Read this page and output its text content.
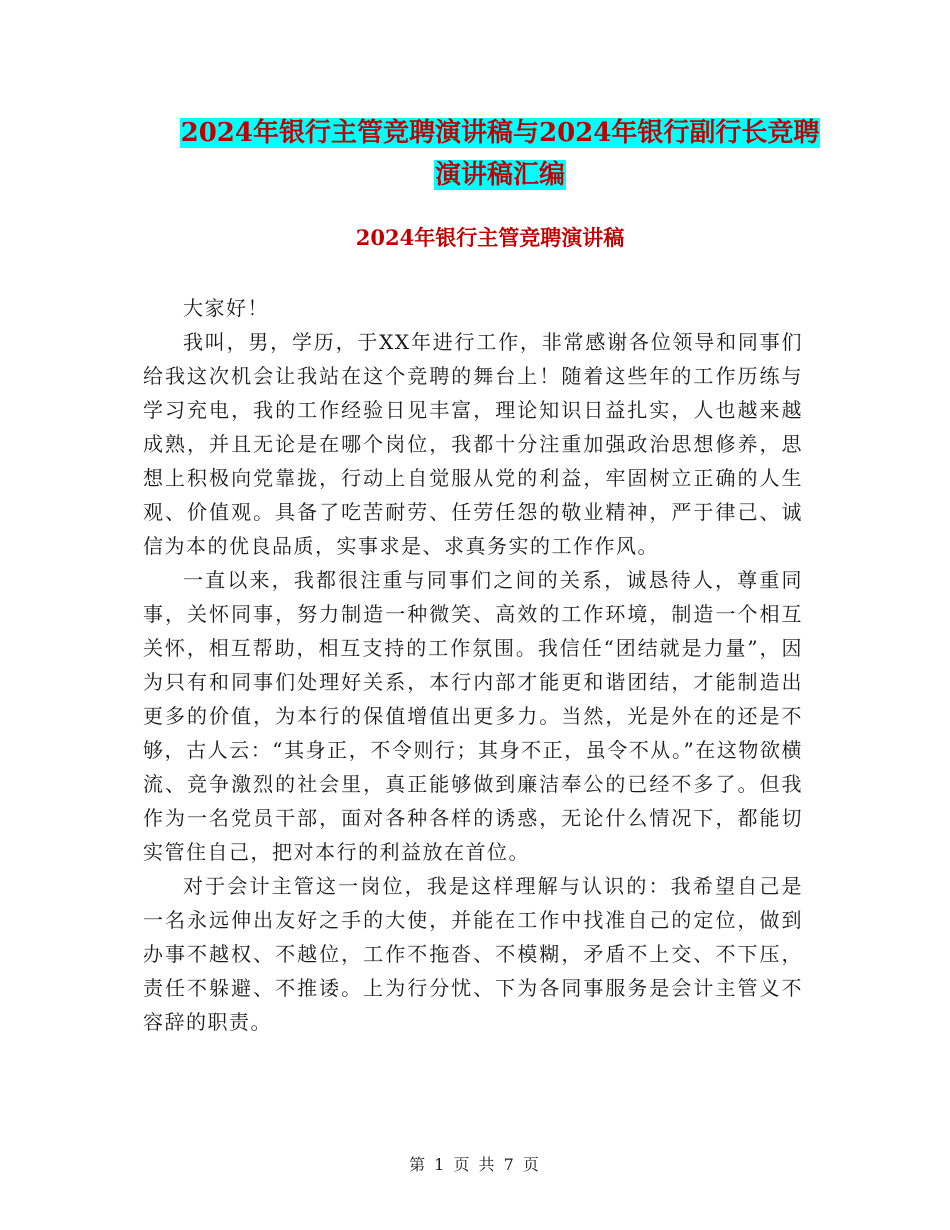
2024年银行主管竞聘演讲稿与2024年银行副行长竞聘
演讲稿汇编
2024年银行主管竞聘演讲稿

大家好！

我叫，男，学历，于XX年进行工作，非常感谢各位领导和同事们给我这次机会让我站在这个竞聘的舞台上！随着这些年的工作历练与学习充电，我的工作经验日见丰富，理论知识日益扎实，人也越来越成熟，并且无论是在哪个岗位，我都十分注重加强政治思想修养，思想上积极向党靠拢，行动上自觉服从党的利益，牢固树立正确的人生观、价值观。具备了吃苦耐劳、任劳任怨的敬业精神，严于律己、诚信为本的优良品质，实事求是、求真务实的工作作风。

一直以来，我都很注重与同事们之间的关系，诚恳待人，尊重同事，关怀同事，努力制造一种微笑、高效的工作环境，制造一个相互关怀，相互帮助，相互支持的工作氛围。我信任“团结就是力量”，因为只有和同事们处理好关系，本行内部才能更和谐团结，才能制造出更多的价值，为本行的保值增值出更多力。当然，光是外在的还是不够，古人云：“其身正，不令则行；其身不正，虽令不从。”在这物欲横流、竞争激烈的社会里，真正能够做到廉洁奉公的已经不多了。但我作为一名党员干部，面对各种各样的诱惑，无论什么情况下，都能切实管住自己，把对本行的利益放在首位。

对于会计主管这一岗位，我是这样理解与认识的：我希望自己是一名永远伸出友好之手的大使，并能在工作中找准自己的定位，做到办事不越权、不越位，工作不拖沓、不模糊，矛盾不上交、不下压，责任不躲避、不推诿。上为行分忧、下为各同事服务是会计主管义不容辞的职责。

第 1 页 共 7 页
